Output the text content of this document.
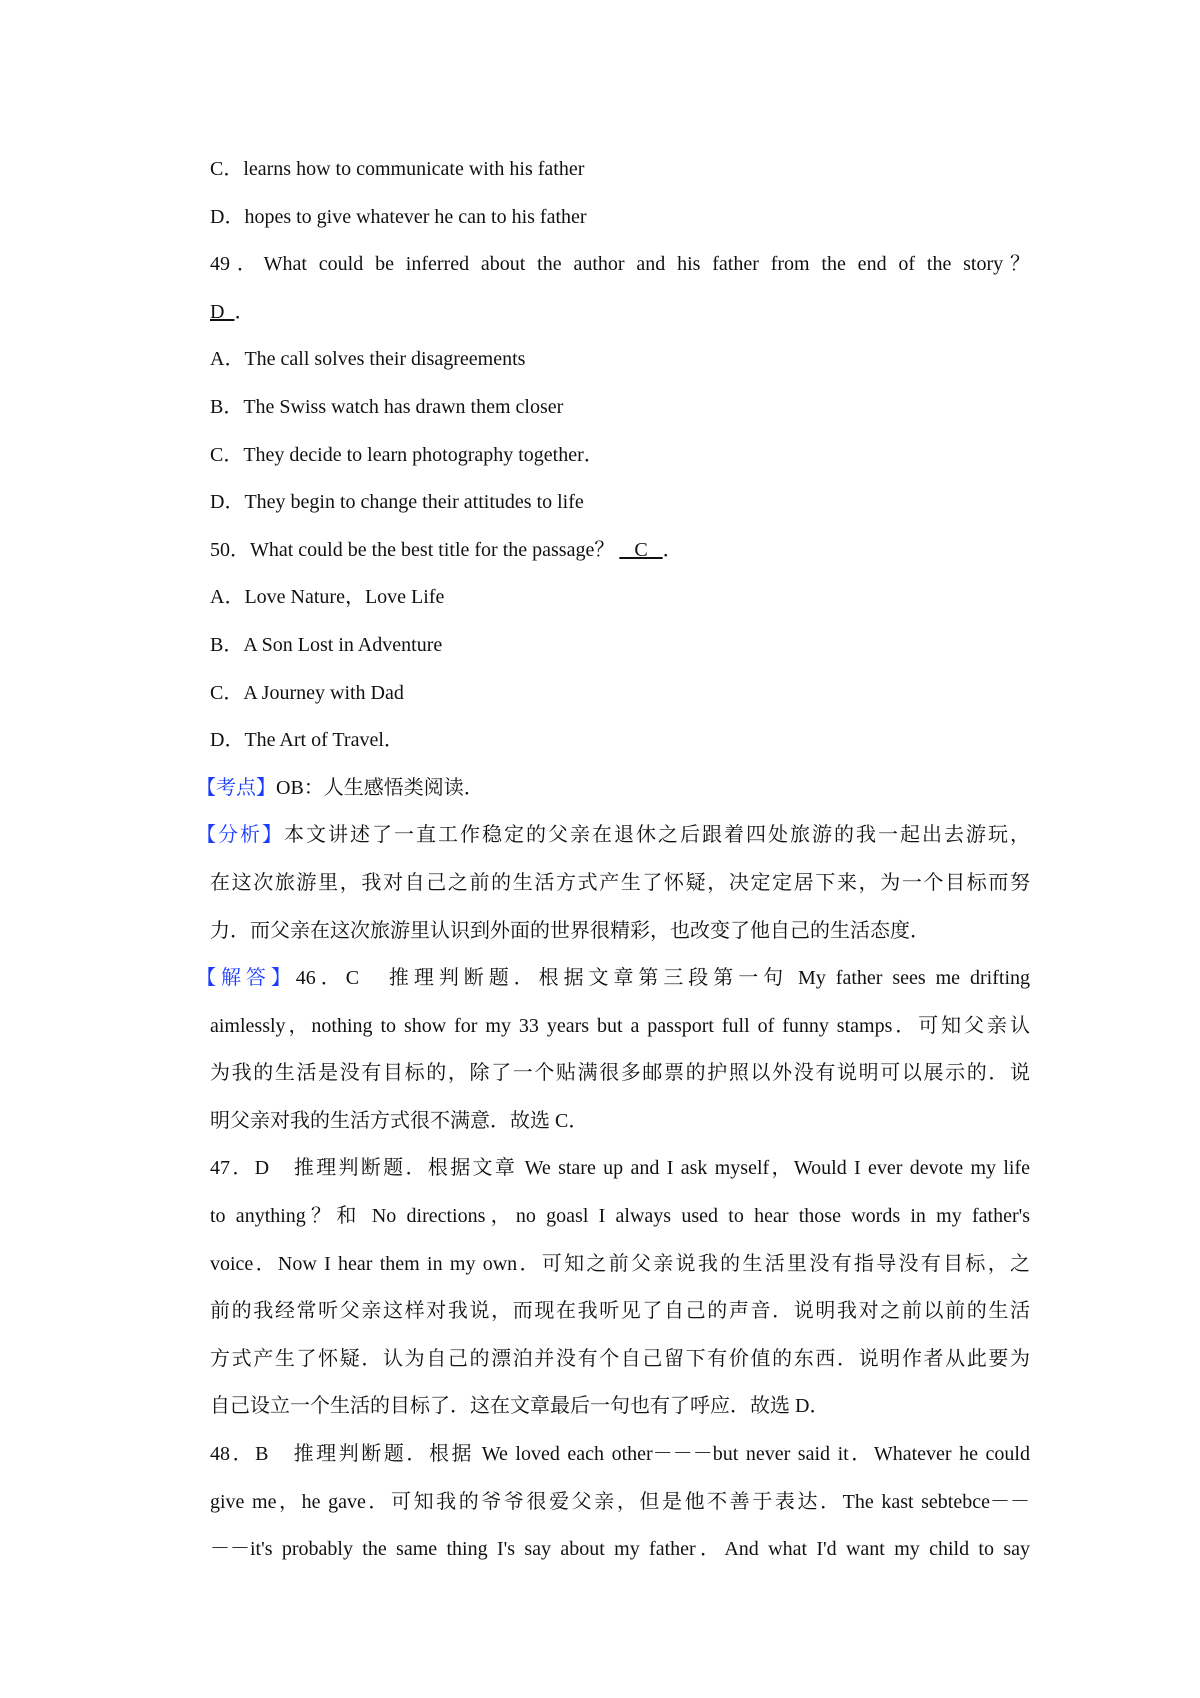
C．learns how to communicate with his father
D．hopes to give whatever he can to his father
49．What could be inferred about the author and his father from the end of the story？
D  ．
A．The call solves their disagreements
B．The Swiss watch has drawn them closer
C．They decide to learn photography together．
D．They begin to change their attitudes to life
50．What could be the best title for the passage？    C   ．
A．Love Nature，Love Life
B．A Son Lost in Adventure
C．A Journey with Dad
D．The Art of Travel．
【考点】OB：人生感悟类阅读．
【分析】本文讲述了一直工作稳定的父亲在退休之后跟着四处旅游的我一起出去游玩，
在这次旅游里，我对自己之前的生活方式产生了怀疑，决定定居下来，为一个目标而努
力．而父亲在这次旅游里认识到外面的世界很精彩，也改变了他自己的生活态度．
【解答】46．C　推理判断题．根据文章第三段第一句 My father sees me drifting
aimlessly，nothing to show for my 33 years but a passport full of funny stamps．可知父亲认
为我的生活是没有目标的，除了一个贴满很多邮票的护照以外没有说明可以展示的．说
明父亲对我的生活方式很不满意．故选 C．
47．D　推理判断题．根据文章 We stare up and I ask myself，Would I ever devote my life
to anything？和 No directions，no goasl I always used to hear those words in my father's
voice．Now I hear them in my own．可知之前父亲说我的生活里没有指导没有目标，之
前的我经常听父亲这样对我说，而现在我听见了自己的声音．说明我对之前以前的生活
方式产生了怀疑．认为自己的漂泊并没有个自己留下有价值的东西．说明作者从此要为
自己设立一个生活的目标了．这在文章最后一句也有了呼应．故选 D．
48．B　推理判断题．根据 We loved each other－－－but never said it．Whatever he could
give me，he gave．可知我的爷爷很爱父亲，但是他不善于表达．The kast sebtebce－－
－－it's probably the same thing I's say about my father．And what I'd want my child to say
